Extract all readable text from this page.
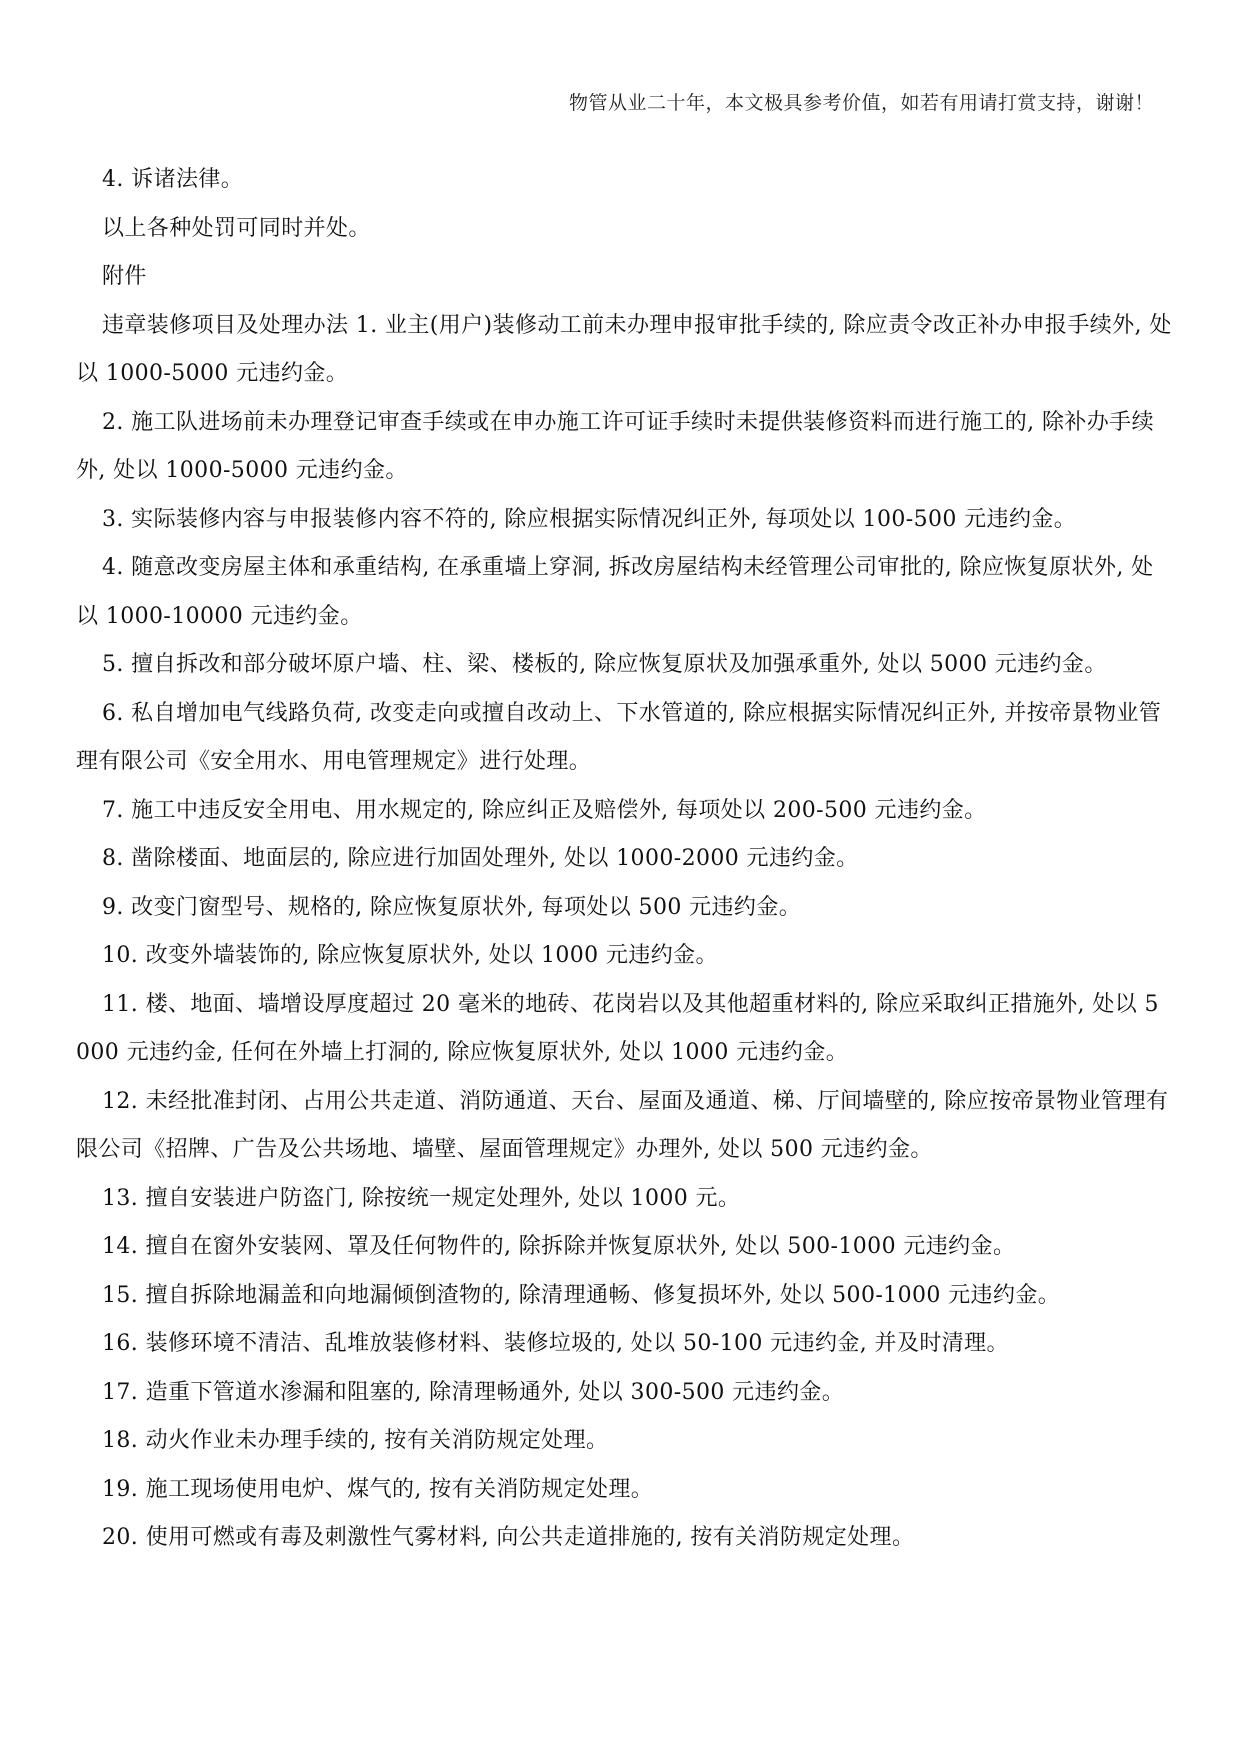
物管从业二十年，本文极具参考价值，如若有用请打赏支持，谢谢！

4. 诉诸法律。

以上各种处罚可同时并处。

附件

违章装修项目及处理办法 1. 业主(用户)装修动工前未办理申报审批手续的, 除应责令改正补办申报手续外, 处以 1000-5000 元违约金。

2. 施工队进场前未办理登记审查手续或在申办施工许可证手续时未提供装修资料而进行施工的, 除补办手续外, 处以 1000-5000 元违约金。

3. 实际装修内容与申报装修内容不符的, 除应根据实际情况纠正外, 每项处以 100-500 元违约金。

4. 随意改变房屋主体和承重结构, 在承重墙上穿洞, 拆改房屋结构未经管理公司审批的, 除应恢复原状外, 处以 1000-10000 元违约金。

5. 擅自拆改和部分破坏原户墙、柱、梁、楼板的, 除应恢复原状及加强承重外, 处以 5000 元违约金。

6. 私自增加电气线路负荷, 改变走向或擅自改动上、下水管道的, 除应根据实际情况纠正外, 并按帝景物业管理有限公司《安全用水、用电管理规定》进行处理。

7. 施工中违反安全用电、用水规定的, 除应纠正及赔偿外, 每项处以 200-500 元违约金。

8. 凿除楼面、地面层的, 除应进行加固处理外, 处以 1000-2000 元违约金。

9. 改变门窗型号、规格的, 除应恢复原状外, 每项处以 500 元违约金。

10. 改变外墙装饰的, 除应恢复原状外, 处以 1000 元违约金。

11. 楼、地面、墙增设厚度超过 20 毫米的地砖、花岗岩以及其他超重材料的, 除应采取纠正措施外, 处以 5000 元违约金, 任何在外墙上打洞的, 除应恢复原状外, 处以 1000 元违约金。

12. 未经批准封闭、占用公共走道、消防通道、天台、屋面及通道、梯、厅间墙壁的, 除应按帝景物业管理有限公司《招牌、广告及公共场地、墙壁、屋面管理规定》办理外, 处以 500 元违约金。

13. 擅自安装进户防盗门, 除按统一规定处理外, 处以 1000 元。

14. 擅自在窗外安装网、罩及任何物件的, 除拆除并恢复原状外, 处以 500-1000 元违约金。

15. 擅自拆除地漏盖和向地漏倾倒渣物的, 除清理通畅、修复损坏外, 处以 500-1000 元违约金。

16. 装修环境不清洁、乱堆放装修材料、装修垃圾的, 处以 50-100 元违约金, 并及时清理。

17. 造重下管道水渗漏和阻塞的, 除清理畅通外, 处以 300-500 元违约金。

18. 动火作业未办理手续的, 按有关消防规定处理。

19. 施工现场使用电炉、煤气的, 按有关消防规定处理。

20. 使用可燃或有毒及刺激性气雾材料, 向公共走道排施的, 按有关消防规定处理。
